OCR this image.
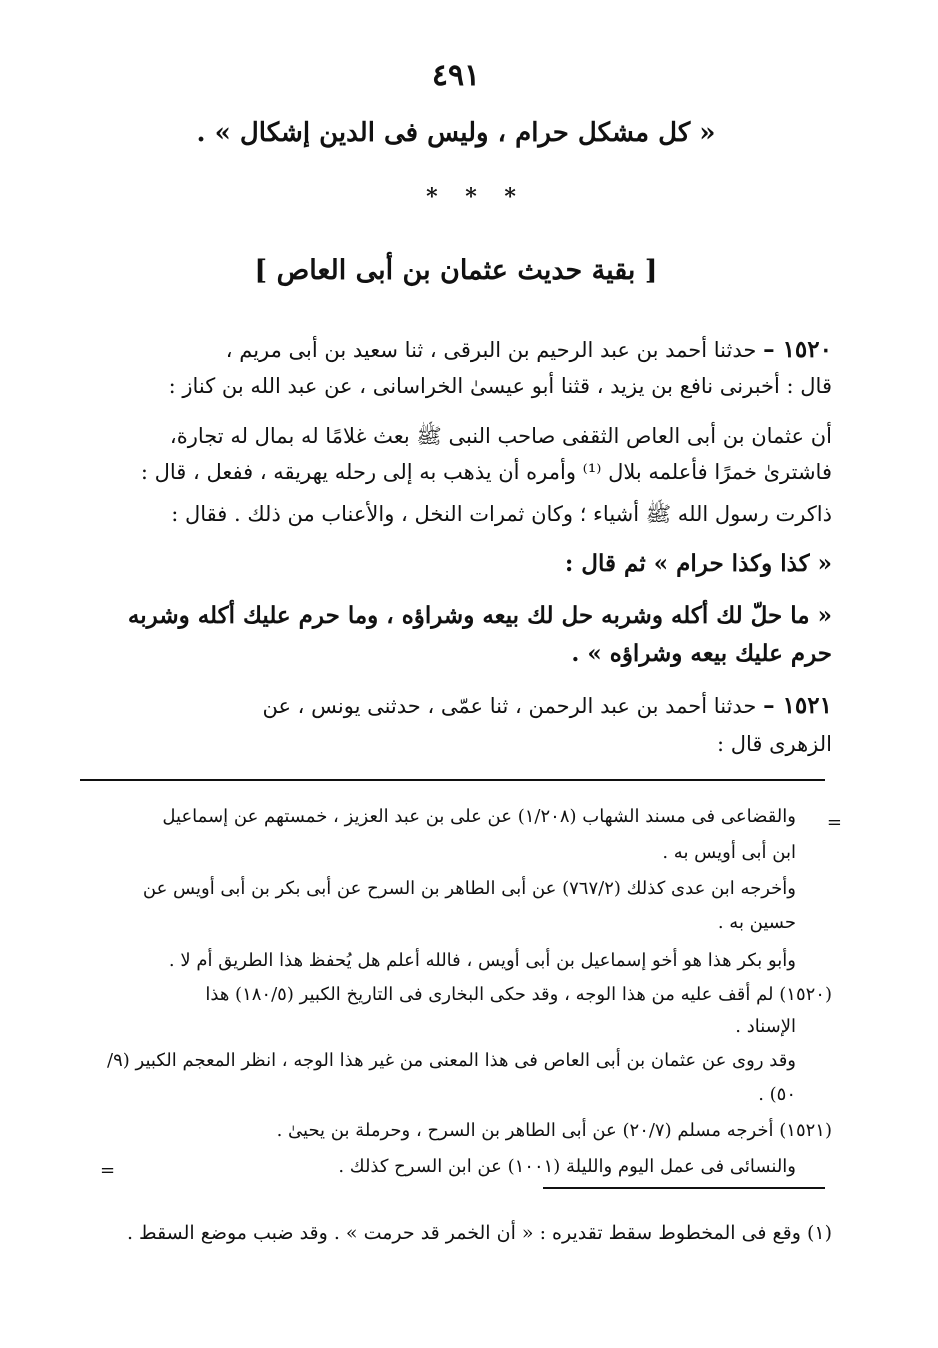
٤٩١
« كل مشكل حرام ، وليس فى الدين إشكال » .
* * *
[ بقية حديث عثمان بن أبى العاص ]
١٥٢٠ – حدثنا أحمد بن عبد الرحيم بن البرقى ، ثنا سعيد بن أبى مريم ،
قال : أخبرنى نافع بن يزيد ، قثنا أبو عيسىٰ الخراسانى ، عن عبد الله بن كناز :
أن عثمان بن أبى العاص الثقفى صاحب النبى ﷺ بعث غلامًا له بمال له تجارة،
فاشترىٰ خمرًا فأعلمه بلال ⁽¹⁾ وأمره أن يذهب به إلى رحله يهريقه ، ففعل ، قال :
ذاكرت رسول الله ﷺ أشياء ؛ وكان ثمرات النخل ، والأعناب من ذلك . فقال :
« كذا وكذا حرام » ثم قال :
« ما حلّ لك أكله وشربه حل لك بيعه وشراؤه ، وما حرم عليك أكله وشربه
حرم عليك بيعه وشراؤه » .
١٥٢١ – حدثنا أحمد بن عبد الرحمن ، ثنا عمّى ، حدثنى يونس ، عن
الزهرى قال :
=
والقضاعى فى مسند الشهاب (١/٢٠٨) عن على بن عبد العزيز ، خمستهم عن إسماعيل
ابن أبى أويس به .
وأخرجه ابن عدى كذلك (٧٦٧/٢) عن أبى الطاهر بن السرح عن أبى بكر بن أبى أويس عن
حسين به .
وأبو بكر هذا هو أخو إسماعيل بن أبى أويس ، فالله أعلم هل يُحفظ هذا الطريق أم لا .
(١٥٢٠) لم أقف عليه من هذا الوجه ، وقد حكى البخارى فى التاريخ الكبير (١٨٠/٥) هذا
الإسناد .
وقد روى عن عثمان بن أبى العاص فى هذا المعنى من غير هذا الوجه ، انظر المعجم الكبير (٩/
٥٠) .
(١٥٢١) أخرجه مسلم (٢٠/٧) عن أبى الطاهر بن السرح ، وحرملة بن يحيىٰ .
والنسائى فى عمل اليوم والليلة (١٠٠١) عن ابن السرح كذلك .
=
(١) وقع فى المخطوط سقط تقديره : « أن الخمر قد حرمت » . وقد ضبب موضع السقط .
